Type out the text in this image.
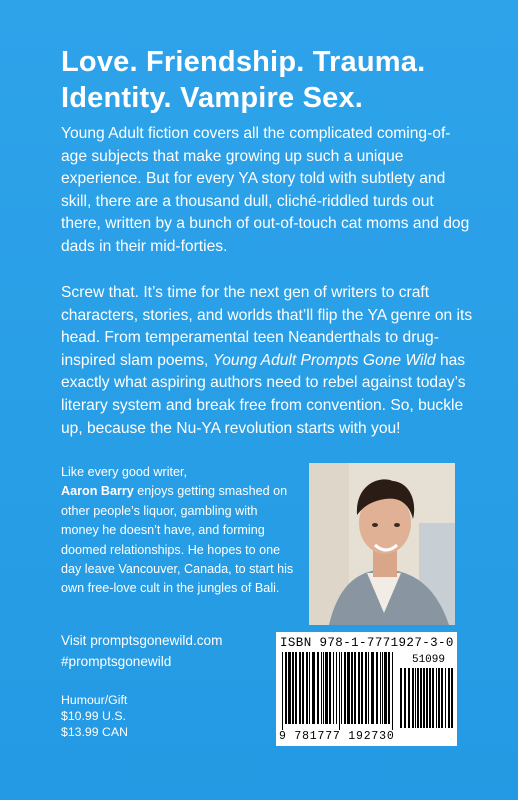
Love. Friendship. Trauma.
Identity. Vampire Sex.
Young Adult fiction covers all the complicated coming-of-age subjects that make growing up such a unique experience. But for every YA story told with subtlety and skill, there are a thousand dull, cliché-riddled turds out there, written by a bunch of out-of-touch cat moms and dog dads in their mid-forties.
Screw that. It’s time for the next gen of writers to craft characters, stories, and worlds that’ll flip the YA genre on its head. From temperamental teen Neanderthals to drug-inspired slam poems, Young Adult Prompts Gone Wild has exactly what aspiring authors need to rebel against today’s literary system and break free from convention. So, buckle up, because the Nu-YA revolution starts with you!
Like every good writer,
Aaron Barry enjoys getting smashed on other people’s liquor, gambling with money he doesn’t have, and forming doomed relationships. He hopes to one day leave Vancouver, Canada, to start his own free-love cult in the jungles of Bali.
Visit promptsgonewild.com
#promptsgonewild
Humour/Gift
$10.99 U.S.
$13.99 CAN
ISBN 978-1-7771927-3-0
51099
9 781777 192730
